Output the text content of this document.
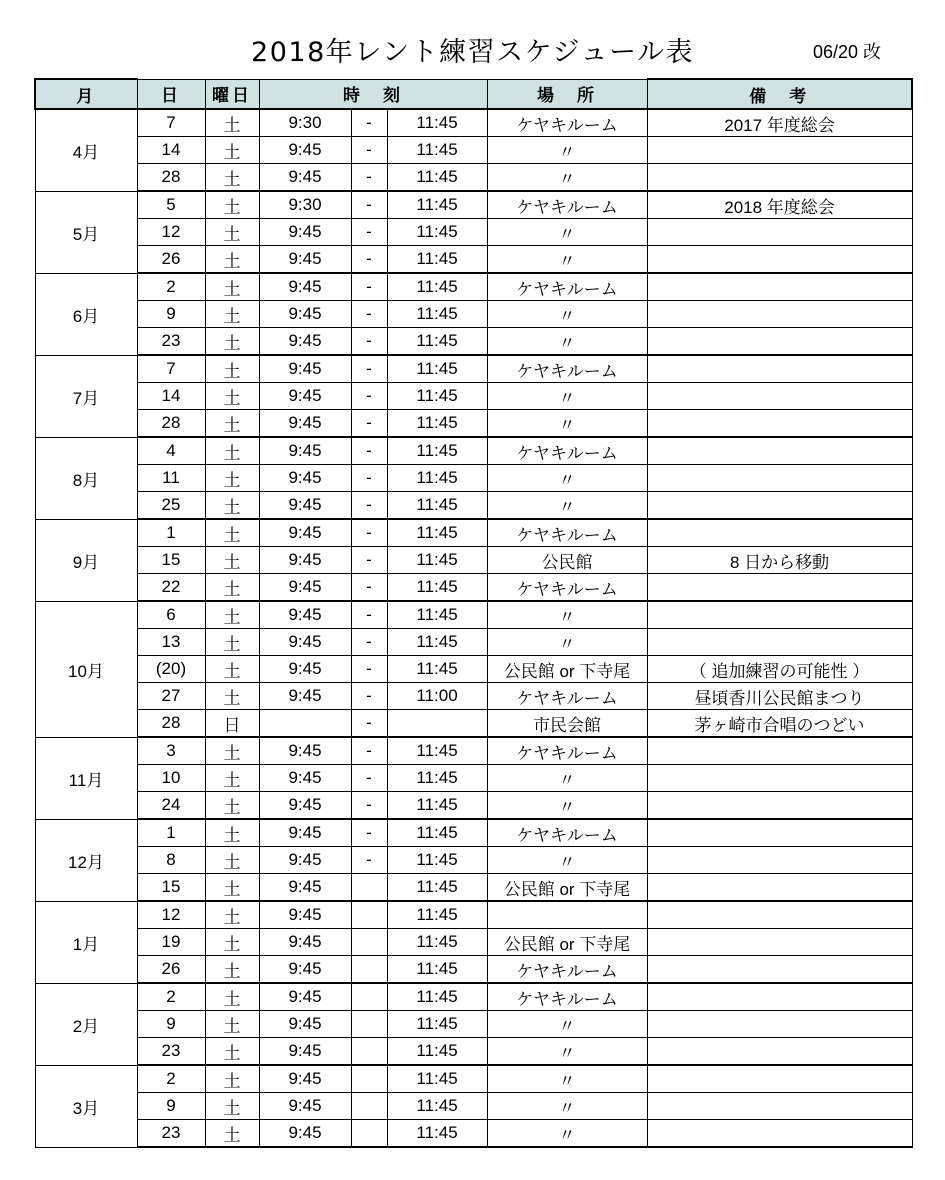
2018年レント練習スケジュール表	06/20 改
月	日	曜日	時　刻			場　所	備　考
4月	7	土	9:30	-	11:45	ケヤキルーム	2017 年度総会
	14	土	9:45	-	11:45	〃	
	28	土	9:45	-	11:45	〃	
5月	5	土	9:30	-	11:45	ケヤキルーム	2018 年度総会
	12	土	9:45	-	11:45	〃	
	26	土	9:45	-	11:45	〃	
6月	2	土	9:45	-	11:45	ケヤキルーム	
	9	土	9:45	-	11:45	〃	
	23	土	9:45	-	11:45	〃	
7月	7	土	9:45	-	11:45	ケヤキルーム	
	14	土	9:45	-	11:45	〃	
	28	土	9:45	-	11:45	〃	
8月	4	土	9:45	-	11:45	ケヤキルーム	
	11	土	9:45	-	11:45	〃	
	25	土	9:45	-	11:45	〃	
9月	1	土	9:45	-	11:45	ケヤキルーム	
	15	土	9:45	-	11:45	公民館	8 日から移動
	22	土	9:45	-	11:45	ケヤキルーム	
10月	6	土	9:45	-	11:45	〃	
	13	土	9:45	-	11:45	〃	
	(20)	土	9:45	-	11:45	公民館 or 下寺尾	（ 追加練習の可能性 ）
	27	土	9:45	-	11:00	ケヤキルーム	昼頃香川公民館まつり
	28	日		-		市民会館	茅ヶ崎市合唱のつどい
11月	3	土	9:45	-	11:45	ケヤキルーム	
	10	土	9:45	-	11:45	〃	
	24	土	9:45	-	11:45	〃	
12月	1	土	9:45	-	11:45	ケヤキルーム	
	8	土	9:45	-	11:45	〃	
	15	土	9:45		11:45	公民館 or 下寺尾	
1月	12	土	9:45		11:45		
	19	土	9:45		11:45	公民館 or 下寺尾	
	26	土	9:45		11:45	ケヤキルーム	
2月	2	土	9:45		11:45	ケヤキルーム	
	9	土	9:45		11:45	〃	
	23	土	9:45		11:45	〃	
3月	2	土	9:45		11:45	〃	
	9	土	9:45		11:45	〃	
	23	土	9:45		11:45	〃	
